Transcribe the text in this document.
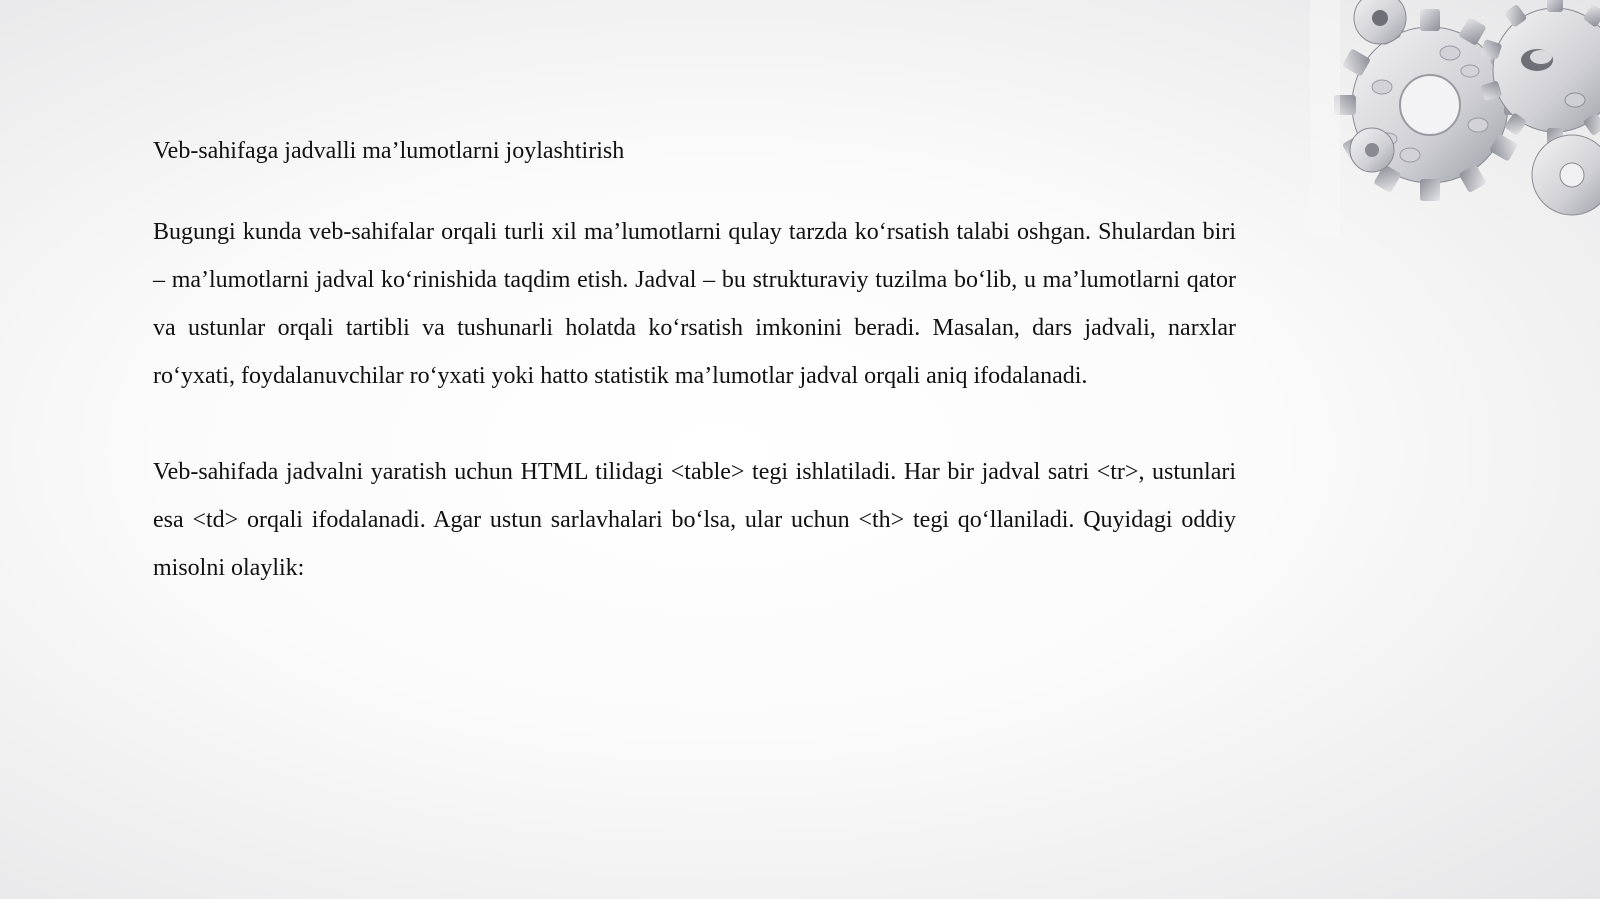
Veb-sahifaga jadvalli ma’lumotlarni joylashtirish

Bugungi kunda veb-sahifalar orqali turli xil ma’lumotlarni qulay tarzda ko‘rsatish talabi oshgan. Shulardan biri – ma’lumotlarni jadval ko‘rinishida taqdim etish. Jadval – bu strukturaviy tuzilma bo‘lib, u ma’lumotlarni qator va ustunlar orqali tartibli va tushunarli holatda ko‘rsatish imkonini beradi. Masalan, dars jadvali, narxlar ro‘yxati, foydalanuvchilar ro‘yxati yoki hatto statistik ma’lumotlar jadval orqali aniq ifodalanadi.

Veb-sahifada jadvalni yaratish uchun HTML tilidagi <table> tegi ishlatiladi. Har bir jadval satri <tr>, ustunlari esa <td> orqali ifodalanadi. Agar ustun sarlavhalari bo‘lsa, ular uchun <th> tegi qo‘llaniladi. Quyidagi oddiy misolni olaylik:
